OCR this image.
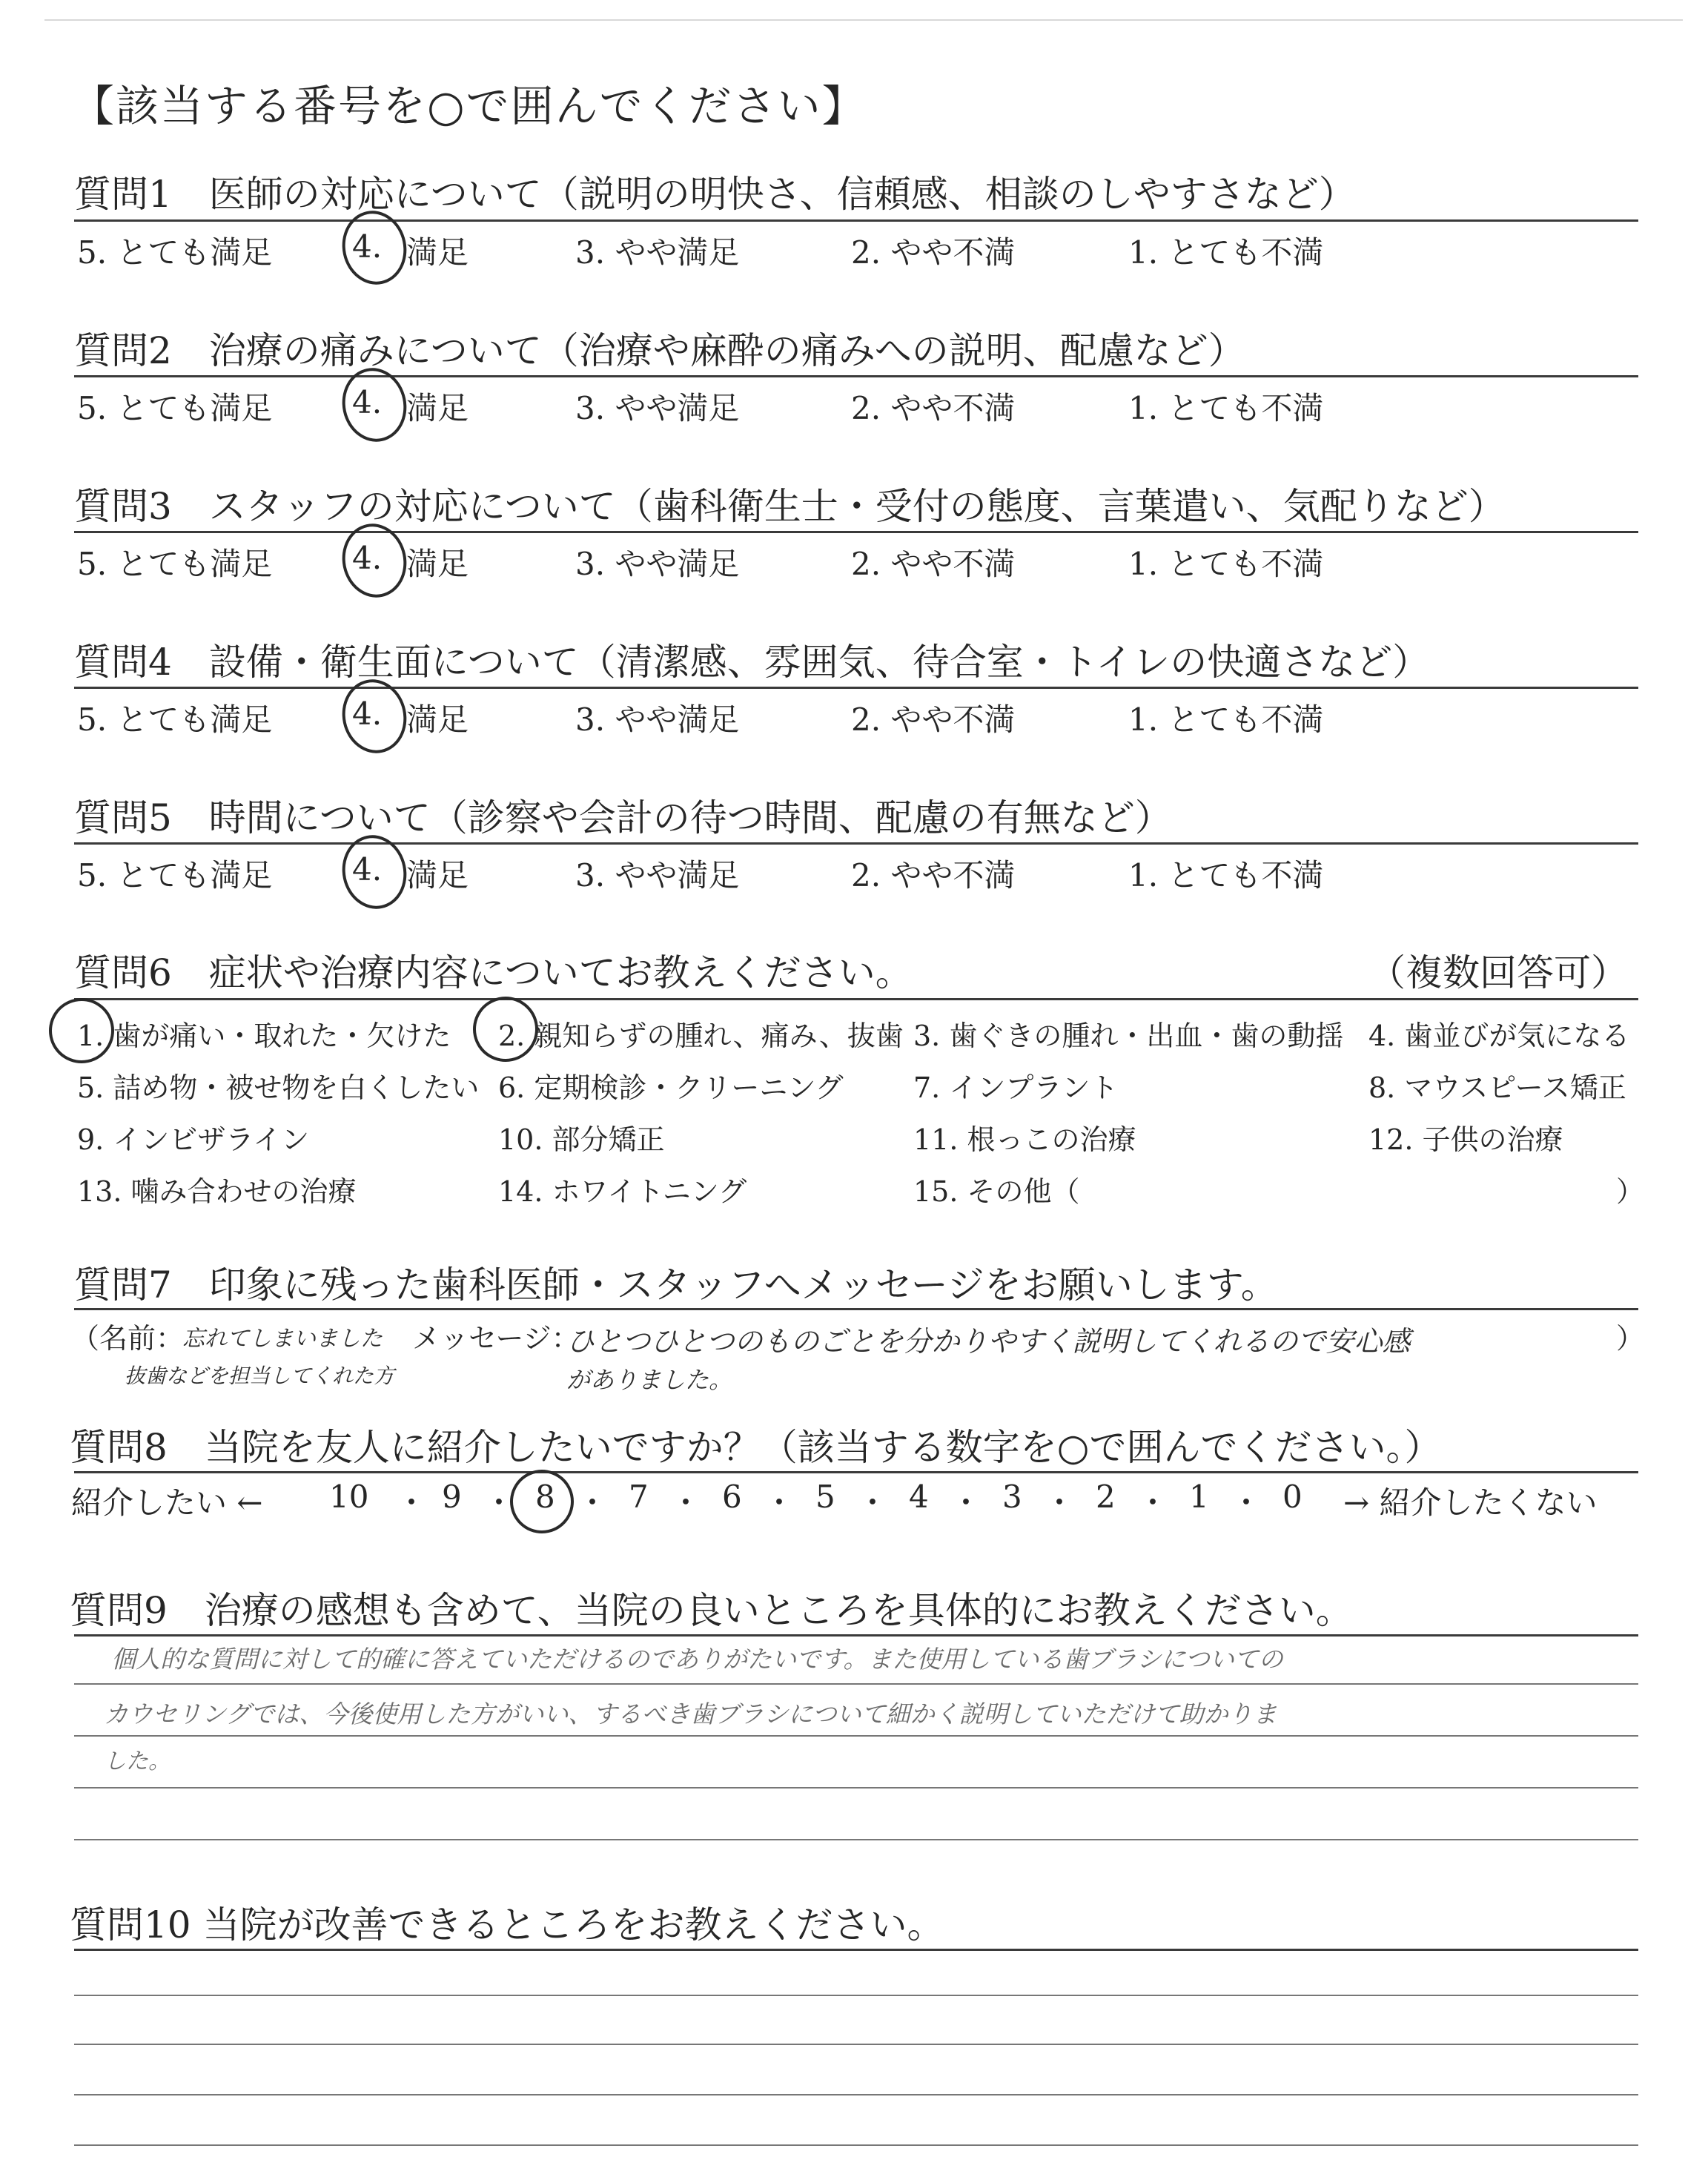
【該当する番号を○で囲んでください】
質問1　医師の対応について（説明の明快さ、信頼感、相談のしやすさなど）
5. とても満足	4. 満足	3. やや満足	2. やや不満	1. とても不満
質問2　治療の痛みについて（治療や麻酔の痛みへの説明、配慮など）
5. とても満足	4. 満足	3. やや満足	2. やや不満	1. とても不満
質問3　スタッフの対応について（歯科衛生士・受付の態度、言葉遣い、気配りなど）
5. とても満足	4. 満足	3. やや満足	2. やや不満	1. とても不満
質問4　設備・衛生面について（清潔感、雰囲気、待合室・トイレの快適さなど）
5. とても満足	4. 満足	3. やや満足	2. やや不満	1. とても不満
質問5　時間について（診察や会計の待つ時間、配慮の有無など）
5. とても満足	4. 満足	3. やや満足	2. やや不満	1. とても不満
質問6　症状や治療内容についてお教えください。	（複数回答可）
1. 歯が痛い・取れた・欠けた 2. 親知らずの腫れ、痛み、抜歯 3. 歯ぐきの腫れ・出血・歯の動揺 4. 歯並びが気になる
5. 詰め物・被せ物を白くしたい 6. 定期検診・クリーニング 7. インプラント	8. マウスピース矯正
9. インビザライン	10. 部分矯正	11. 根っこの治療	12. 子供の治療
13. 噛み合わせの治療	14. ホワイトニング	15. その他（	）
質問7　印象に残った歯科医師・スタッフへメッセージをお願いします。
（名前：
忘れてしまいました
抜歯などを担当してくれた方
メッセージ：
ひとつひとつのものごとを分かりやすく説明してくれるので安心感
がありました。
）
質問8　当院を友人に紹介したいですか？（該当する数字を○で囲んでください。）
紹介したい ← 10 ・ 9 ・ 8 ・ 7 ・ 6 ・ 5 ・ 4 ・ 3 ・ 2 ・ 1 ・ 0 → 紹介したくない
質問9　治療の感想も含めて、当院の良いところを具体的にお教えください。
個人的な質問に対して的確に答えていただけるのでありがたいです。また使用している歯ブラシについての
カウセリングでは、今後使用した方がいい、するべき歯ブラシについて細かく説明していただけて助かりま
した。
質問10 当院が改善できるところをお教えください。
